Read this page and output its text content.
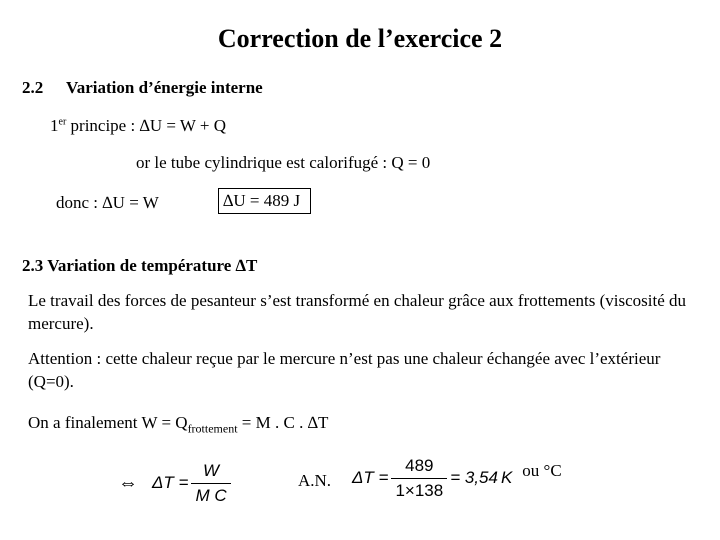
Correction de l’exercice 2
2.2 Variation d’énergie interne
1er principe : ∆U = W + Q
or le tube cylindrique est calorifugé : Q = 0
donc : ∆U = W	∆U = 489 J
2.3 Variation de température ∆T
Le travail des forces de pesanteur s’est transformé en chaleur grâce aux frottements (viscosité du mercure).
Attention : cette chaleur reçue par le mercure n’est pas une chaleur échangée avec l’extérieur (Q=0).
On a finalement $W = Q_{frottement} = M$ . C . ∆T
⇔ $\Delta T = \frac{W}{\text{M C}}$	A.N. $\Delta T = \frac{489}{1\times 138} = 3,54$ K ou °C
